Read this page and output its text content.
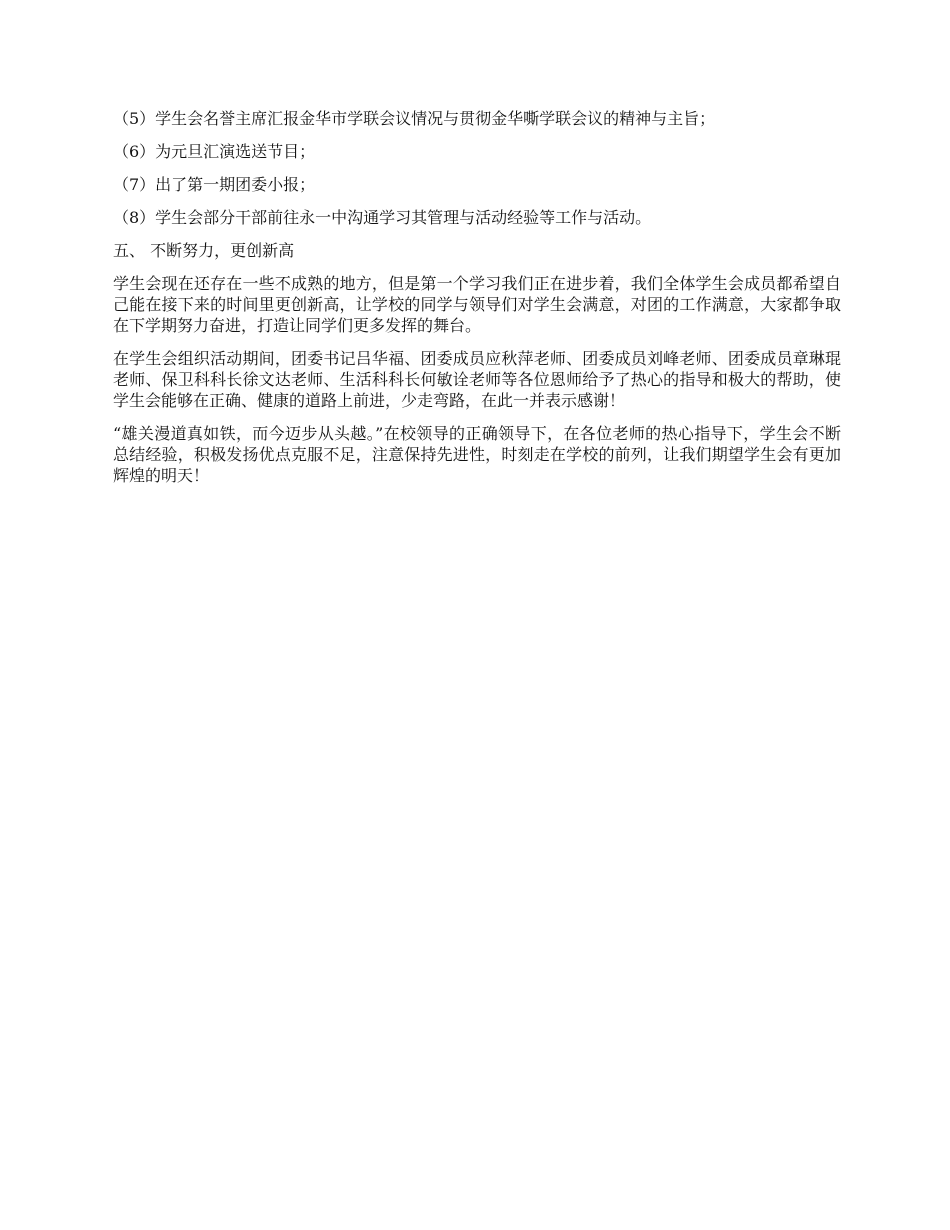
（5）学生会名誉主席汇报金华市学联会议情况与贯彻金华嘶学联会议的精神与主旨；
（6）为元旦汇演选送节目；
（7）出了第一期团委小报；
（8）学生会部分干部前往永一中沟通学习其管理与活动经验等工作与活动。
五、 不断努力，更创新高

学生会现在还存在一些不成熟的地方，但是第一个学习我们正在进步着，我们全体学生会成员都希望自己能在接下来的时间里更创新高，让学校的同学与领导们对学生会满意，对团的工作满意，大家都争取在下学期努力奋进，打造让同学们更多发挥的舞台。

在学生会组织活动期间，团委书记吕华福、团委成员应秋萍老师、团委成员刘峰老师、团委成员章琳琨老师、保卫科科长徐文达老师、生活科科长何敏诠老师等各位恩师给予了热心的指导和极大的帮助，使学生会能够在正确、健康的道路上前进，少走弯路，在此一并表示感谢！

“雄关漫道真如铁，而今迈步从头越。”在校领导的正确领导下，在各位老师的热心指导下，学生会不断总结经验，积极发扬优点克服不足，注意保持先进性，时刻走在学校的前列，让我们期望学生会有更加辉煌的明天！
